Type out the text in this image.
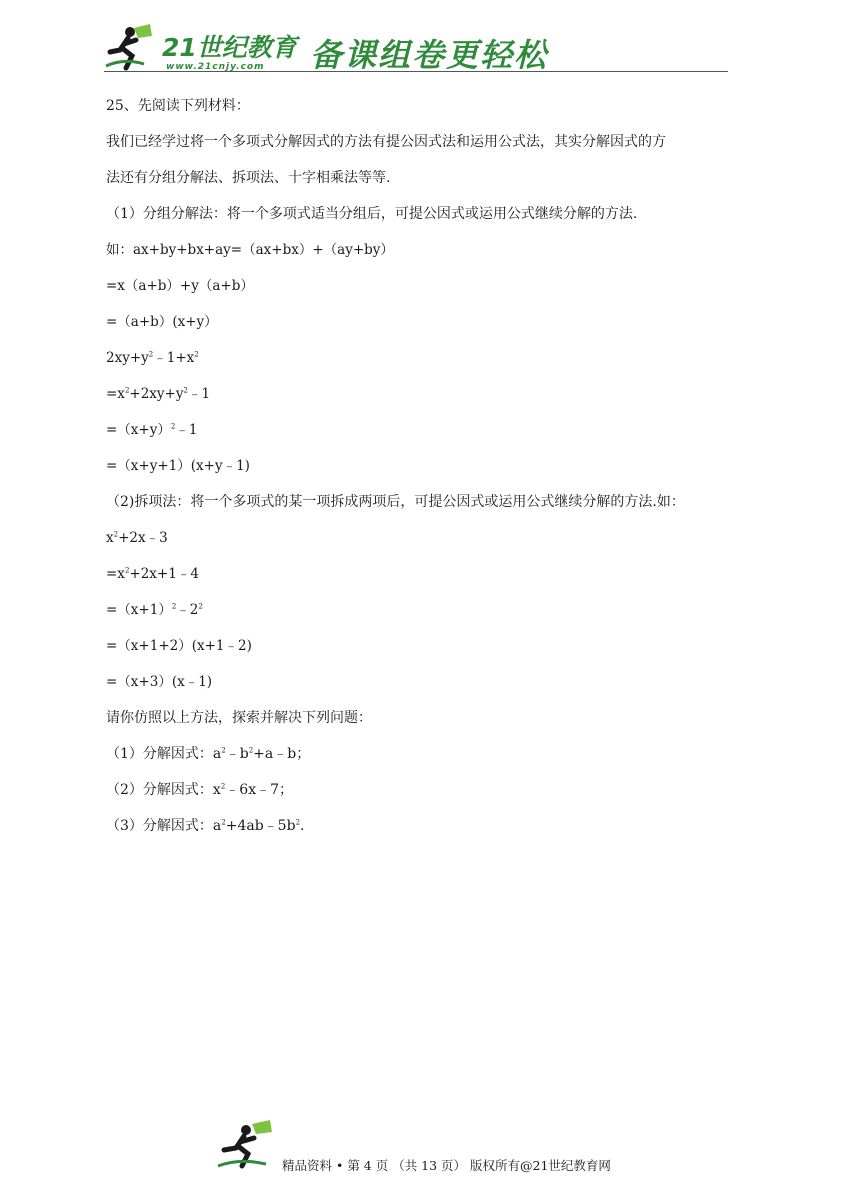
21世纪教育
www.21cnjy.com 备课组卷更轻松
25、先阅读下列材料：
我们已经学过将一个多项式分解因式的方法有提公因式法和运用公式法，其实分解因式的方
法还有分组分解法、拆项法、十字相乘法等等.
（1）分组分解法：将一个多项式适当分组后，可提公因式或运用公式继续分解的方法.
如：ax+by+bx+ay=（ax+bx）+（ay+by）
=x（a+b）+y（a+b）
=（a+b）(x+y）
$2xy+y^2﹣1+x^2$
$=x^2+2xy+y^2﹣1$
$=(x+y)^2﹣1$
=（x+y+1）(x+y﹣1)
（2)拆项法：将一个多项式的某一项拆成两项后，可提公因式或运用公式继续分解的方法.如：
$x^2+2x﹣3$
$=x^2+2x+1﹣4$
$=(x+1)^2﹣2^2$
=（x+1+2）(x+1﹣2)
=（x+3）(x﹣1)
请你仿照以上方法，探索并解决下列问题：
（1）分解因式：$a^2﹣b^2+a﹣b$；
（2）分解因式：$x^2﹣6x﹣7$；
（3）分解因式：$a^2+4ab﹣5b^2$.
精品资料 • 第 4 页 （共 13 页） 版权所有@21世纪教育网
